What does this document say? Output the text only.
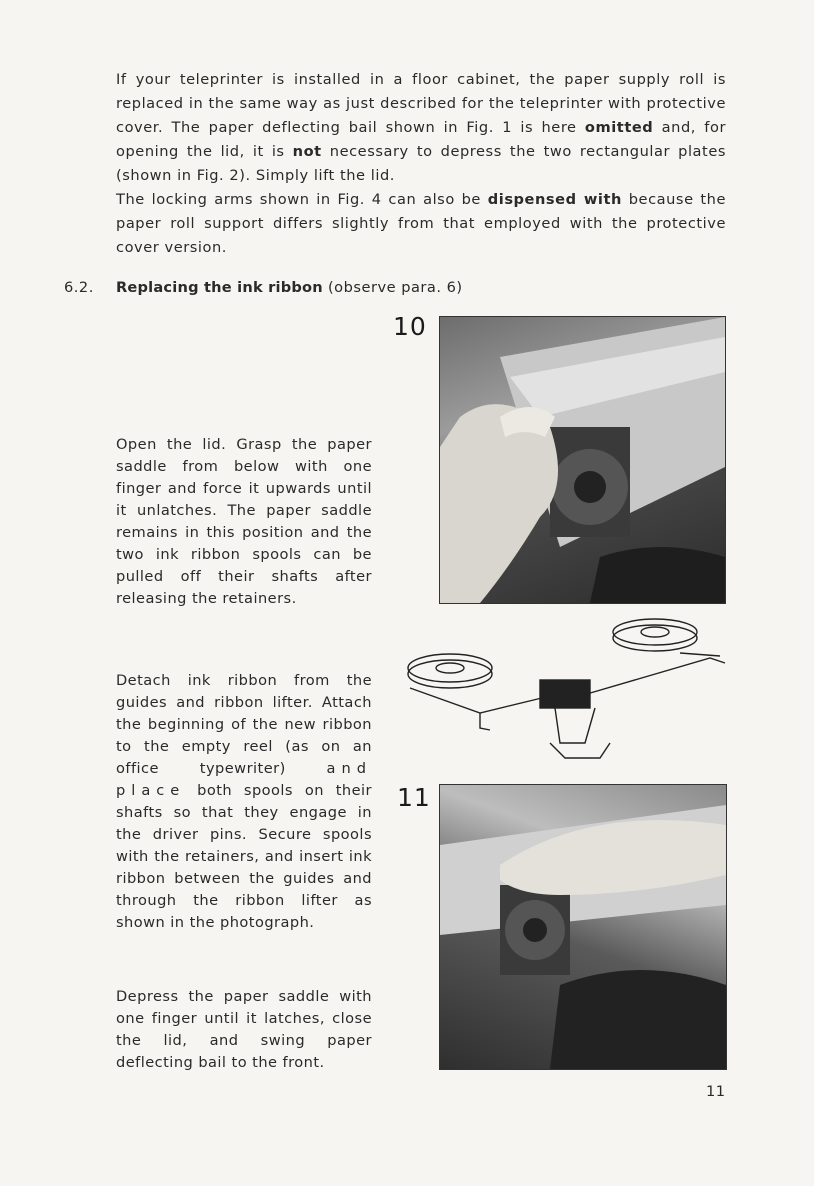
If your teleprinter is installed in a floor cabinet, the paper supply roll is replaced in the same way as just described for the teleprinter with protective cover. The paper deflecting bail shown in Fig. 1 is here omitted and, for opening the lid, it is not necessary to depress the two rectangular plates (shown in Fig. 2). Simply lift the lid.

The locking arms shown in Fig. 4 can also be dispensed with because the paper roll support differs slightly from that employed with the protective cover version.

6.2. Replacing the ink ribbon (observe para. 6)

10

Open the lid. Grasp the paper saddle from below with one finger and force it upwards until it unlatches. The paper saddle remains in this position and the two ink ribbon spools can be pulled off their shafts after releasing the retainers.

Detach ink ribbon from the guides and ribbon lifter. Attach the beginning of the new ribbon to the empty reel (as on an office typewriter) and place both spools on their shafts so that they engage in the driver pins. Secure spools with the retainers, and insert ink ribbon between the guides and through the ribbon lifter as shown in the photograph.

11

Depress the paper saddle with one finger until it latches, close the lid, and swing paper deflecting bail to the front.

11
